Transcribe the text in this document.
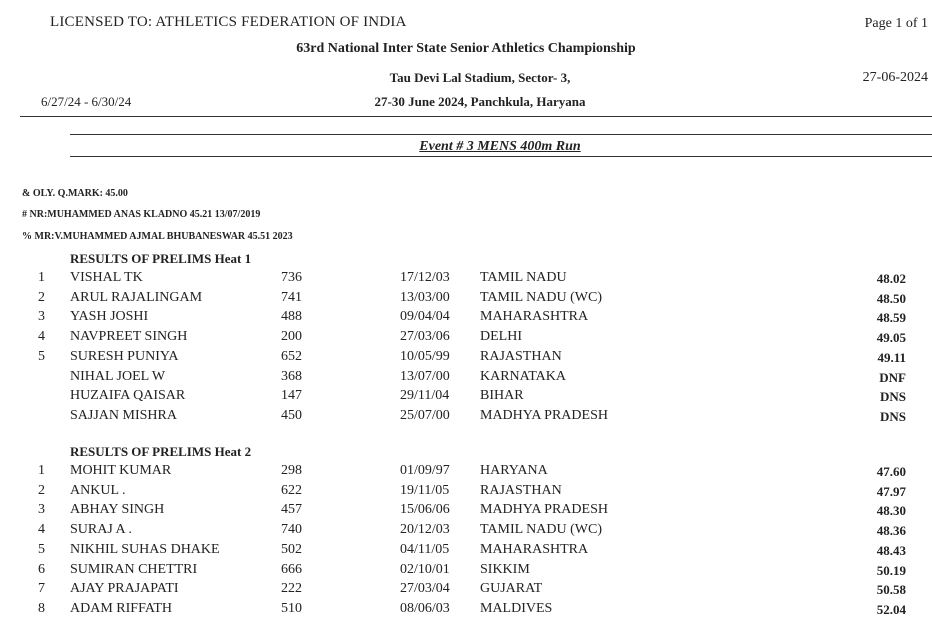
LICENSED TO: ATHLETICS FEDERATION OF INDIA	Page 1 of 1
63rd National Inter State Senior Athletics Championship
Tau Devi Lal Stadium, Sector- 3,	27-06-2024
6/27/24 - 6/30/24	27-30 June 2024, Panchkula, Haryana
Event # 3 MENS 400m Run
& OLY. Q.MARK: 45.00
# NR:MUHAMMED ANAS KLADNO 45.21 13/07/2019
% MR:V.MUHAMMED AJMAL BHUBANESWAR 45.51 2023
RESULTS OF PRELIMS Heat 1
1 VISHAL TK	736	17/12/03 TAMIL NADU	48.02
2 ARUL RAJALINGAM	741	13/03/00 TAMIL NADU (WC)	48.50
3 YASH JOSHI	488	09/04/04 MAHARASHTRA	48.59
4 NAVPREET SINGH	200	27/03/06 DELHI	49.05
5 SURESH PUNIYA	652	10/05/99 RAJASTHAN	49.11
NIHAL JOEL W	368	13/07/00 KARNATAKA	DNF
HUZAIFA QAISAR	147	29/11/04 BIHAR	DNS
SAJJAN MISHRA	450	25/07/00 MADHYA PRADESH	DNS
RESULTS OF PRELIMS Heat 2
1 MOHIT KUMAR	298	01/09/97 HARYANA	47.60
2 ANKUL .	622	19/11/05 RAJASTHAN	47.97
3 ABHAY SINGH	457	15/06/06 MADHYA PRADESH	48.30
4 SURAJ A .	740	20/12/03 TAMIL NADU (WC)	48.36
5 NIKHIL SUHAS DHAKE	502	04/11/05 MAHARASHTRA	48.43
6 SUMIRAN CHETTRI	666	02/10/01 SIKKIM	50.19
7 AJAY PRAJAPATI	222	27/03/04 GUJARAT	50.58
8 ADAM RIFFATH	510	08/06/03 MALDIVES	52.04
